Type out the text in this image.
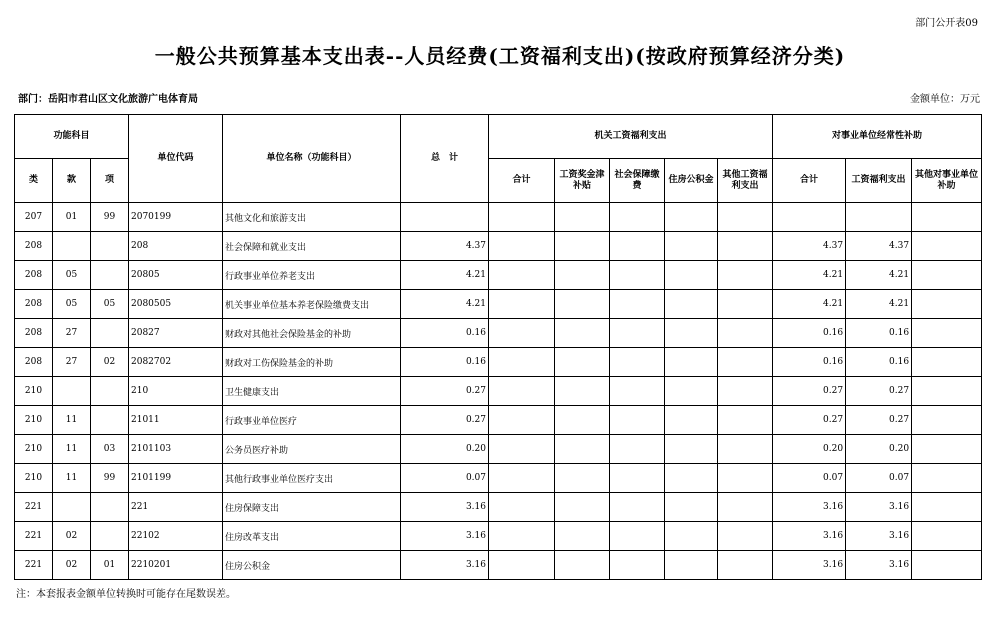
部门公开表09
一般公共预算基本支出表--人员经费(工资福利支出)(按政府预算经济分类)
部门：岳阳市君山区文化旅游广电体育局	金额单位：万元
功能科目			单位代码	单位名称（功能科目）	总　计	机关工资福利支出					对事业单位经常性补助		
类	款	项				合计	工资奖金津补贴	社会保障缴费	住房公积金	其他工资福利支出	合计	工资福利支出	其他对事业单位补助
207	01	99	2070199	其他文化和旅游支出									
208			208	社会保障和就业支出	4.37						4.37	4.37	
208	05		20805	行政事业单位养老支出	4.21						4.21	4.21	
208	05	05	2080505	机关事业单位基本养老保险缴费支出	4.21						4.21	4.21	
208	27		20827	财政对其他社会保险基金的补助	0.16						0.16	0.16	
208	27	02	2082702	财政对工伤保险基金的补助	0.16						0.16	0.16	
210			210	卫生健康支出	0.27						0.27	0.27	
210	11		21011	行政事业单位医疗	0.27						0.27	0.27	
210	11	03	2101103	公务员医疗补助	0.20						0.20	0.20	
210	11	99	2101199	其他行政事业单位医疗支出	0.07						0.07	0.07	
221			221	住房保障支出	3.16						3.16	3.16	
221	02		22102	住房改革支出	3.16						3.16	3.16	
221	02	01	2210201	住房公积金	3.16						3.16	3.16	
注：本套报表金额单位转换时可能存在尾数误差。
